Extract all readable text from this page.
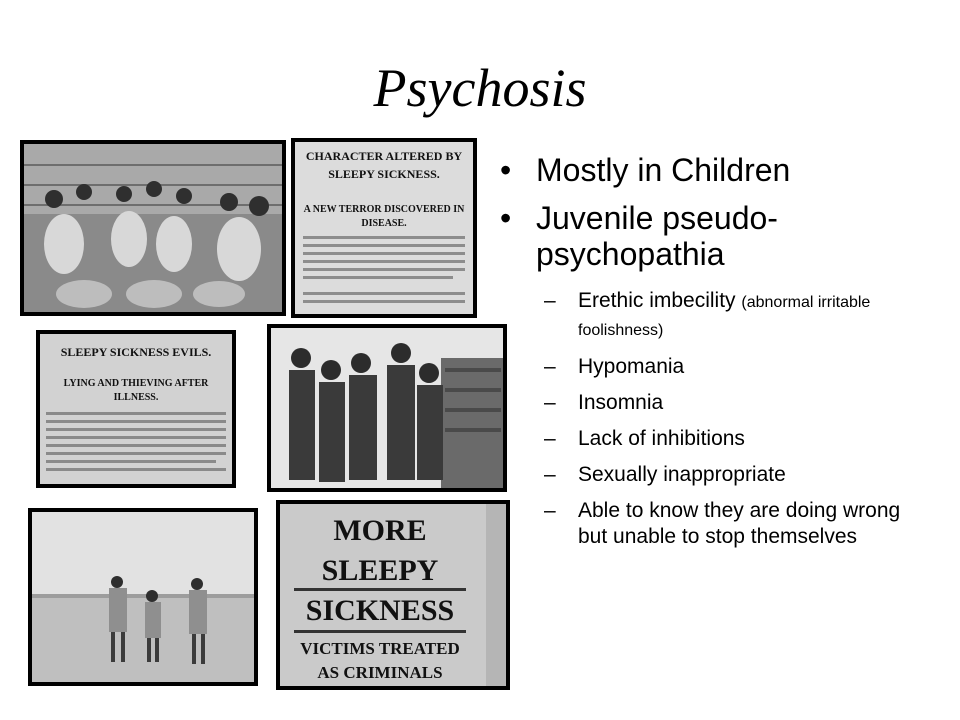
Psychosis
CHARACTER ALTERED BY
SLEEPY SICKNESS.
A NEW TERROR DISCOVERED IN
DISEASE.
SLEEPY SICKNESS EVILS.
LYING AND THIEVING AFTER
ILLNESS.
MORE
SLEEPY
SICKNESS
VICTIMS TREATED
AS CRIMINALS
• Mostly in Children
• Juvenile pseudo-psychopathia
– Erethic imbecility (abnormal irritable foolishness)
– Hypomania
– Insomnia
– Lack of inhibitions
– Sexually inappropriate
– Able to know they are doing wrong but unable to stop themselves
